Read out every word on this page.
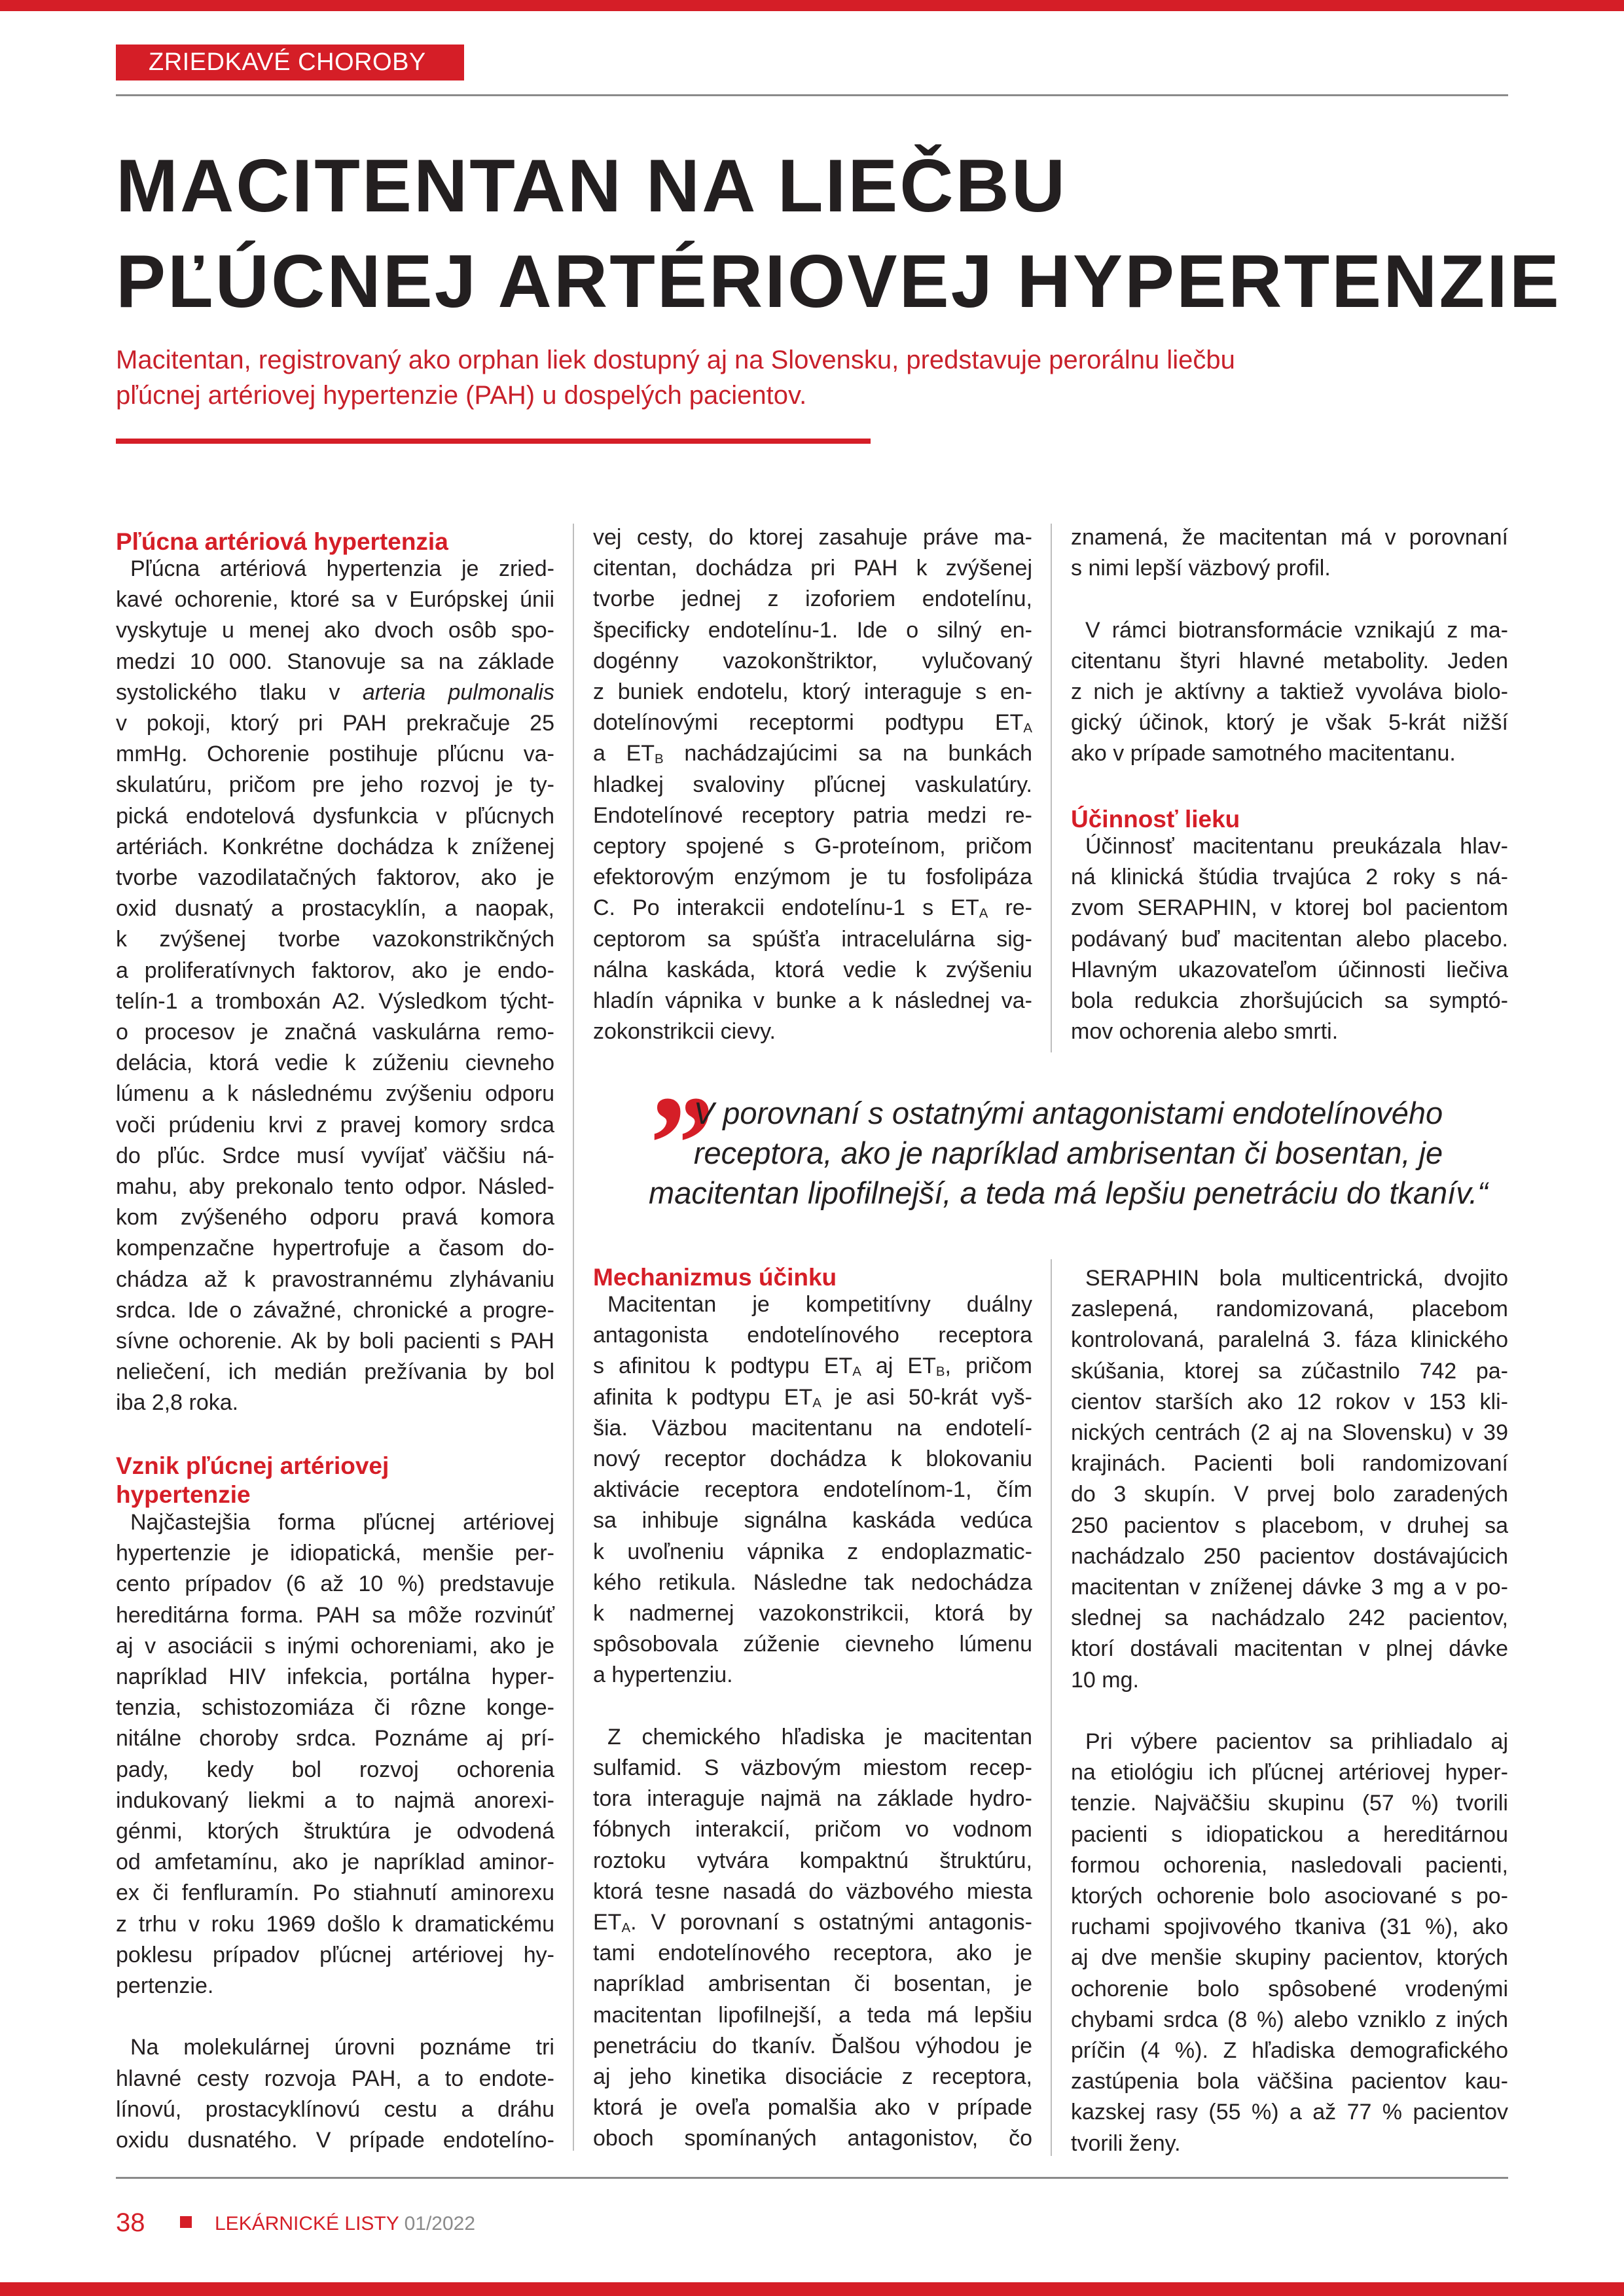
ZRIEDKAVÉ CHOROBY
MACITENTAN NA LIEČBU
PĽÚCNEJ ARTÉRIOVEJ HYPERTENZIE

Macitentan, registrovaný ako orphan liek dostupný aj na Slovensku, predstavuje perorálnu liečbu
pľúcnej artériovej hypertenzie (PAH) u dospelých pacientov.

Pľúcna artériová hypertenzia
Pľúcna artériová hypertenzia je zried-
kavé ochorenie, ktoré sa v Európskej únii
vyskytuje u menej ako dvoch osôb spo-
medzi 10 000. Stanovuje sa na základe
systolického tlaku v arteria pulmonalis
v pokoji, ktorý pri PAH prekračuje 25
mmHg. Ochorenie postihuje pľúcnu va-
skulatúru, pričom pre jeho rozvoj je ty-
pická endotelová dysfunkcia v pľúcnych
artériách. Konkrétne dochádza k zníženej
tvorbe vazodilatačných faktorov, ako je
oxid dusnatý a prostacyklín, a naopak,
k zvýšenej tvorbe vazokonstrikčných
a proliferatívnych faktorov, ako je endo-
telín-1 a tromboxán A2. Výsledkom týcht-
o procesov je značná vaskulárna remo-
delácia, ktorá vedie k zúženiu cievneho
lúmenu a k následnému zvýšeniu odporu
voči prúdeniu krvi z pravej komory srdca
do pľúc. Srdce musí vyvíjať väčšiu ná-
mahu, aby prekonalo tento odpor. Násled-
kom zvýšeného odporu pravá komora
kompenzačne hypertrofuje a časom do-
chádza až k pravostrannému zlyhávaniu
srdca. Ide o závažné, chronické a progre-
sívne ochorenie. Ak by boli pacienti s PAH
neliečení, ich medián prežívania by bol
iba 2,8 roka.
Vznik pľúcnej artériovej
hypertenzie
Najčastejšia forma pľúcnej artériovej
hypertenzie je idiopatická, menšie per-
cento prípadov (6 až 10 %) predstavuje
hereditárna forma. PAH sa môže rozvinúť
aj v asociácii s inými ochoreniami, ako je
napríklad HIV infekcia, portálna hyper-
tenzia, schistozomiáza či rôzne konge-
nitálne choroby srdca. Poznáme aj prí-
pady, kedy bol rozvoj ochorenia
indukovaný liekmi a to najmä anorexi-
génmi, ktorých štruktúra je odvodená
od amfetamínu, ako je napríklad aminor-
ex či fenfluramín. Po stiahnutí aminorexu
z trhu v roku 1969 došlo k dramatickému
poklesu prípadov pľúcnej artériovej hy-
pertenzie.
Na molekulárnej úrovni poznáme tri
hlavné cesty rozvoja PAH, a to endote-
línovú, prostacyklínovú cestu a dráhu
oxidu dusnatého. V prípade endotelíno-
vej cesty, do ktorej zasahuje práve ma-
citentan, dochádza pri PAH k zvýšenej
tvorbe jednej z izoforiem endotelínu,
špecificky endotelínu-1. Ide o silný en-
dogénny vazokonštriktor, vylučovaný
z buniek endotelu, ktorý interaguje s en-
dotelínovými receptormi podtypu $ET_A$
a $ET_B$ nachádzajúcimi sa na bunkách
hladkej svaloviny pľúcnej vaskulatúry.
Endotelínové receptory patria medzi re-
ceptory spojené s G-proteínom, pričom
efektorovým enzýmom je tu fosfolipáza
C. Po interakcii endotelínu-1 s $ET_A$ re-
ceptorom sa spúšťa intracelulárna sig-
nálna kaskáda, ktorá vedie k zvýšeniu
hladín vápnika v bunke a k následnej va-
zokonstrikcii cievy.
znamená, že macitentan má v porovnaní
s nimi lepší väzbový profil.
V rámci biotransformácie vznikajú z ma-
citentanu štyri hlavné metabolity. Jeden
z nich je aktívny a taktiež vyvoláva biolo-
gický účinok, ktorý je však 5-krát nižší
ako v prípade samotného macitentanu.
Účinnosť lieku
Účinnosť macitentanu preukázala hlav-
ná klinická štúdia trvajúca 2 roky s ná-
zvom SERAPHIN, v ktorej bol pacientom
podávaný buď macitentan alebo placebo.
Hlavným ukazovateľom účinnosti liečiva
bola redukcia zhoršujúcich sa symptó-
mov ochorenia alebo smrti.
”

V porovnaní s ostatnými antagonistami endotelínového
receptora, ako je napríklad ambrisentan či bosentan, je
macitentan lipofilnejší, a teda má lepšiu penetráciu do tkanív.“

Mechanizmus účinku
Macitentan je kompetitívny duálny
antagonista endotelínového receptora
s afinitou k podtypu $ET_A$ aj $ET_B$, pričom
afinita k podtypu $ET_A$ je asi 50-krát vyš-
šia. Väzbou macitentanu na endotelí-
nový receptor dochádza k blokovaniu
aktivácie receptora endotelínom-1, čím
sa inhibuje signálna kaskáda vedúca
k uvoľneniu vápnika z endoplazmatic-
kého retikula. Následne tak nedochádza
k nadmernej vazokonstrikcii, ktorá by
spôsobovala zúženie cievneho lúmenu
a hypertenziu.
Z chemického hľadiska je macitentan
sulfamid. S väzbovým miestom recep-
tora interaguje najmä na základe hydro-
fóbnych interakcií, pričom vo vodnom
roztoku vytvára kompaktnú štruktúru,
ktorá tesne nasadá do väzbového miesta
$ET_A$. V porovnaní s ostatnými antagonis-
tami endotelínového receptora, ako je
napríklad ambrisentan či bosentan, je
macitentan lipofilnejší, a teda má lepšiu
penetráciu do tkanív. Ďalšou výhodou je
aj jeho kinetika disociácie z receptora,
ktorá je oveľa pomalšia ako v prípade
oboch spomínaných antagonistov, čo
SERAPHIN bola multicentrická, dvojito
zaslepená, randomizovaná, placebom
kontrolovaná, paralelná 3. fáza klinického
skúšania, ktorej sa zúčastnilo 742 pa-
cientov starších ako 12 rokov v 153 kli-
nických centrách (2 aj na Slovensku) v 39
krajinách. Pacienti boli randomizovaní
do 3 skupín. V prvej bolo zaradených
250 pacientov s placebom, v druhej sa
nachádzalo 250 pacientov dostávajúcich
macitentan v zníženej dávke 3 mg a v po-
slednej sa nachádzalo 242 pacientov,
ktorí dostávali macitentan v plnej dávke
10 mg.
Pri výbere pacientov sa prihliadalo aj
na etiológiu ich pľúcnej artériovej hyper-
tenzie. Najväčšiu skupinu (57 %) tvorili
pacienti s idiopatickou a hereditárnou
formou ochorenia, nasledovali pacienti,
ktorých ochorenie bolo asociované s po-
ruchami spojivového tkaniva (31 %), ako
aj dve menšie skupiny pacientov, ktorých
ochorenie bolo spôsobené vrodenými
chybami srdca (8 %) alebo vzniklo z iných
príčin (4 %). Z hľadiska demografického
zastúpenia bola väčšina pacientov kau-
kazskej rasy (55 %) a až 77 % pacientov
tvorili ženy.
38	LEKÁRNICKÉ LISTY 01/2022
